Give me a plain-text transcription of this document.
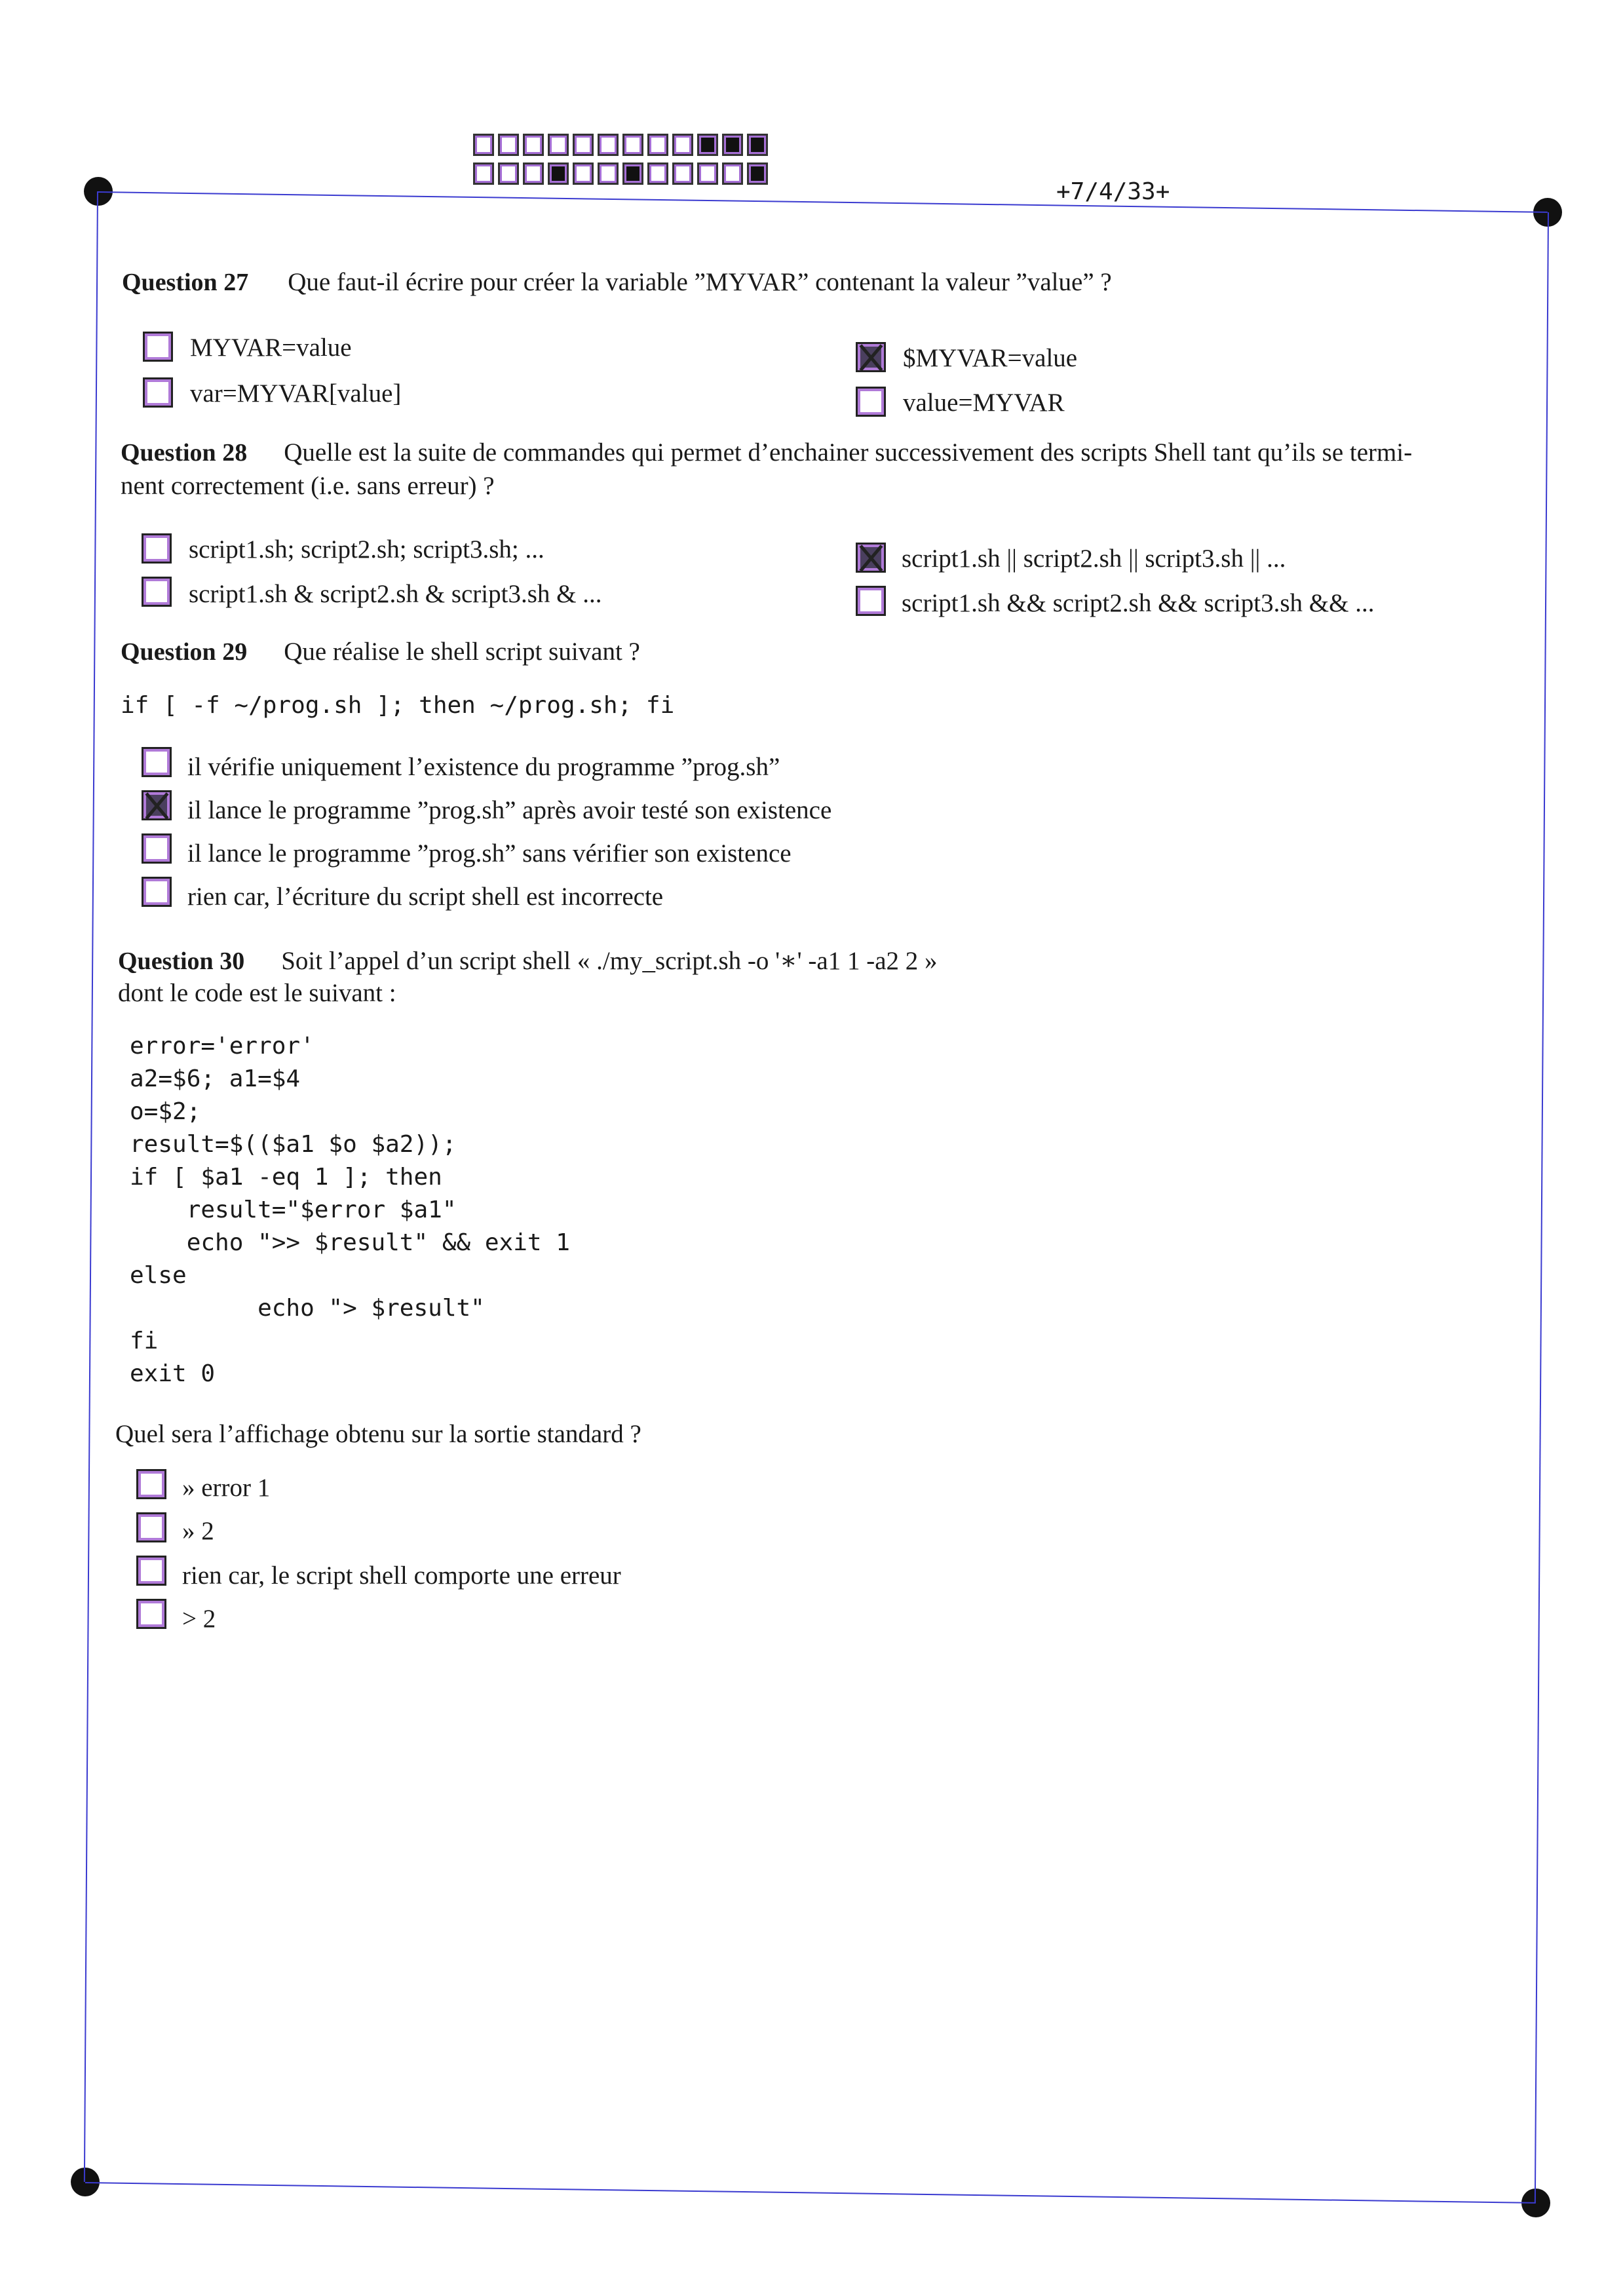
+7/4/33+
Question 27 Que faut-il écrire pour créer la variable ”MYVAR” contenant la valeur ”value” ?
MYVAR=value
var=MYVAR[value]
$MYVAR=value
value=MYVAR
Question 28 Quelle est la suite de commandes qui permet d’enchainer successivement des scripts Shell tant qu’ils se termi-
nent correctement (i.e. sans erreur) ?
script1.sh; script2.sh; script3.sh; ...
script1.sh & script2.sh & script3.sh & ...
script1.sh || script2.sh || script3.sh || ...
script1.sh && script2.sh && script3.sh && ...
Question 29 Que réalise le shell script suivant ?
if [ -f ~/prog.sh ]; then ~/prog.sh; fi
il vérifie uniquement l’existence du programme ”prog.sh”
il lance le programme ”prog.sh” après avoir testé son existence
il lance le programme ”prog.sh” sans vérifier son existence
rien car, l’écriture du script shell est incorrecte
Question 30 Soit l’appel d’un script shell « ./my_script.sh -o '∗' -a1 1 -a2 2 »
dont le code est le suivant :
error='error'
a2=$6; a1=$4
o=$2;
result=$(($a1 $o $a2));
if [ $a1 -eq 1 ]; then
result="$error $a1"
echo ">> $result" && exit 1
else
echo "> $result"
fi
exit 0
Quel sera l’affichage obtenu sur la sortie standard ?
» error 1
» 2
rien car, le script shell comporte une erreur
> 2
